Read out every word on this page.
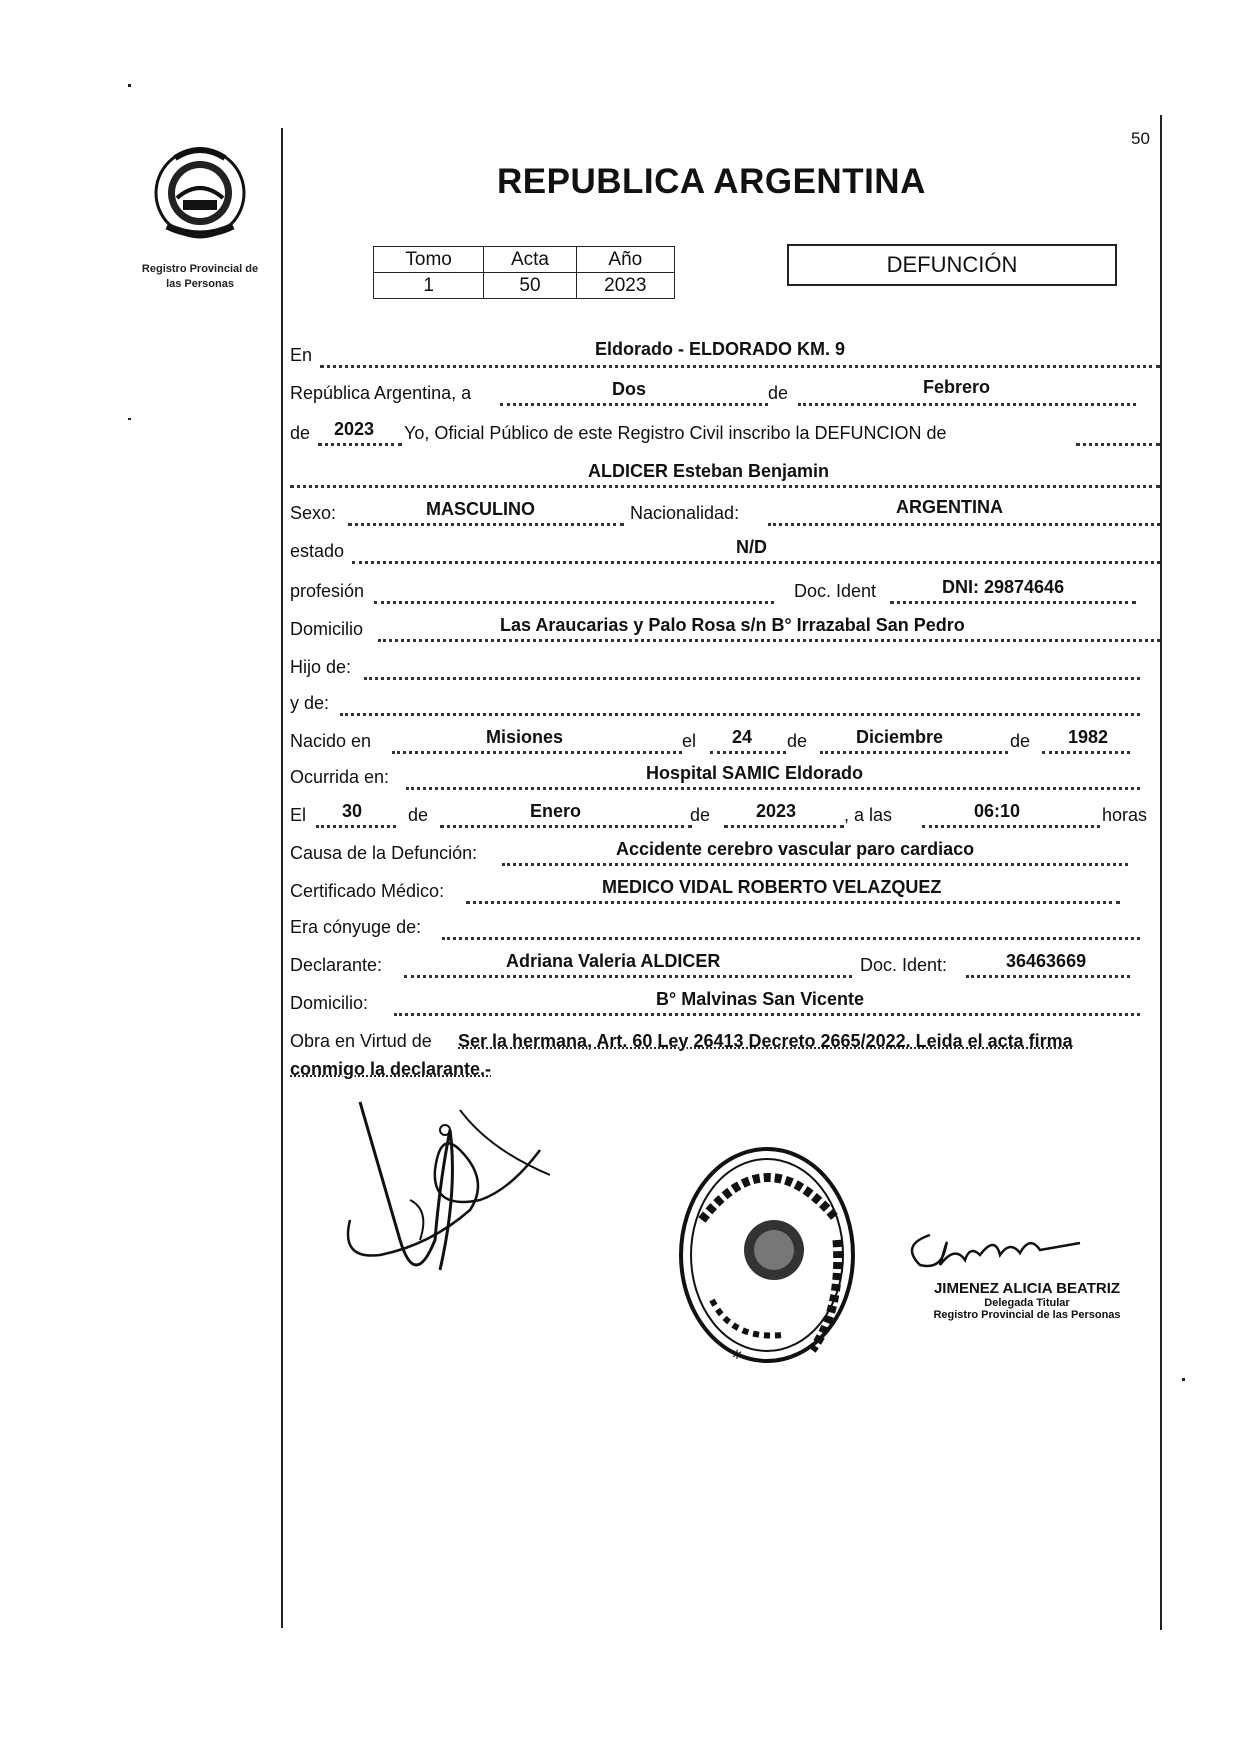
50
Registro Provincial de
las Personas
REPUBLICA ARGENTINA
Tomo	Acta	Año
1	50	2023
DEFUNCIÓN
En	Eldorado - ELDORADO KM. 9
República Argentina, a	Dos	de	Febrero
de 2023 Yo, Oficial Público de este Registro Civil inscribo la DEFUNCION de
ALDICER Esteban Benjamin
Sexo:	MASCULINO	Nacionalidad:	ARGENTINA
estado	N/D
profesión	Doc. Ident	DNI: 29874646
Domicilio	Las Araucarias y Palo Rosa s/n B° Irrazabal San Pedro
Hijo de:
y de:
Nacido en	Misiones	el 24 de	Diciembre	de 1982
Ocurrida en:	Hospital SAMIC Eldorado
El 30	de	Enero	de	2023	, a las	06:10	horas
Causa de la Defunción:	Accidente cerebro vascular paro cardiaco
Certificado Médico:	MEDICO VIDAL ROBERTO VELAZQUEZ
Era cónyuge de:
Declarante:	Adriana Valeria ALDICER	Doc. Ident:	36463669
Domicilio:	B° Malvinas San Vicente
Obra en Virtud de Ser la hermana, Art. 60 Ley 26413 Decreto 2665/2022. Leida el acta firma
conmigo la declarante.-
*
JIMENEZ ALICIA BEATRIZ
Delegada Titular
Registro Provincial de las Personas
